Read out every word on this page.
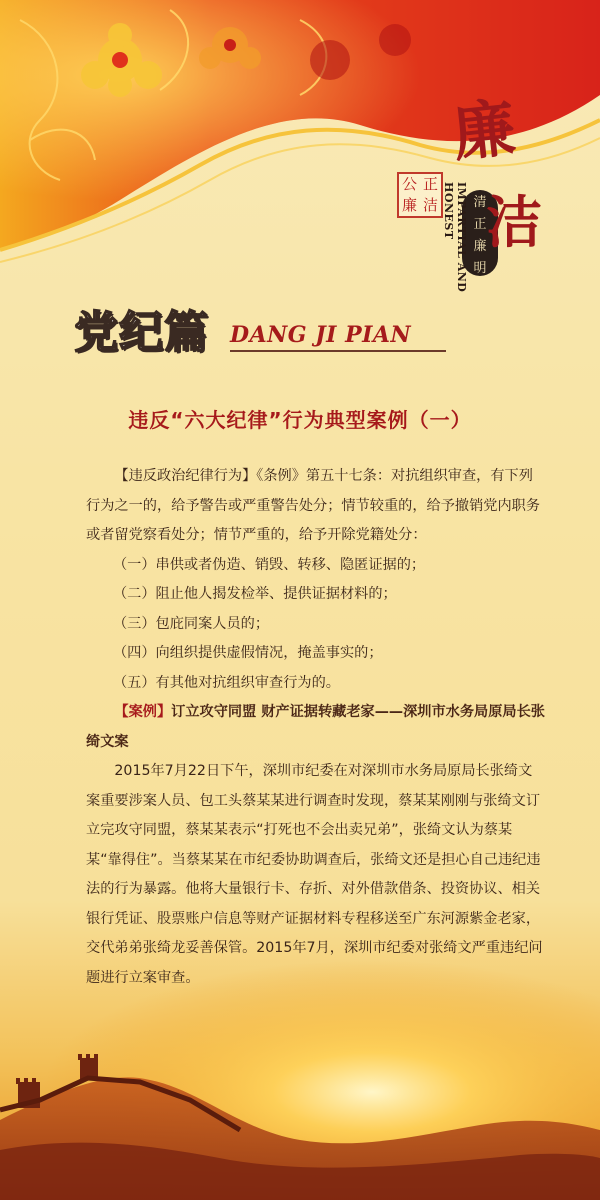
公 正
廉 洁
廉
清
正
廉
明
洁
IMPARTIAL AND HONEST
党纪篇 DANG JI PIAN
违反“六大纪律”行为典型案例（一）

【违反政治纪律行为】《条例》第五十七条：对抗组织审查，有下列行为之一的，给予警告或严重警告处分；情节较重的，给予撤销党内职务或者留党察看处分；情节严重的，给予开除党籍处分：

（一）串供或者伪造、销毁、转移、隐匿证据的；

（二）阻止他人揭发检举、提供证据材料的；

（三）包庇同案人员的；

（四）向组织提供虚假情况，掩盖事实的；

（五）有其他对抗组织审查行为的。

【案例】订立攻守同盟 财产证据转藏老家——深圳市水务局原局长张绮文案

2015年7月22日下午，深圳市纪委在对深圳市水务局原局长张绮文案重要涉案人员、包工头蔡某某进行调查时发现，蔡某某刚刚与张绮文订立完攻守同盟，蔡某某表示“打死也不会出卖兄弟”，张绮文认为蔡某某“靠得住”。当蔡某某在市纪委协助调查后，张绮文还是担心自己违纪违法的行为暴露。他将大量银行卡、存折、对外借款借条、投资协议、相关银行凭证、股票账户信息等财产证据材料专程移送至广东河源紫金老家，交代弟弟张绮龙妥善保管。2015年7月，深圳市纪委对张绮文严重违纪问
